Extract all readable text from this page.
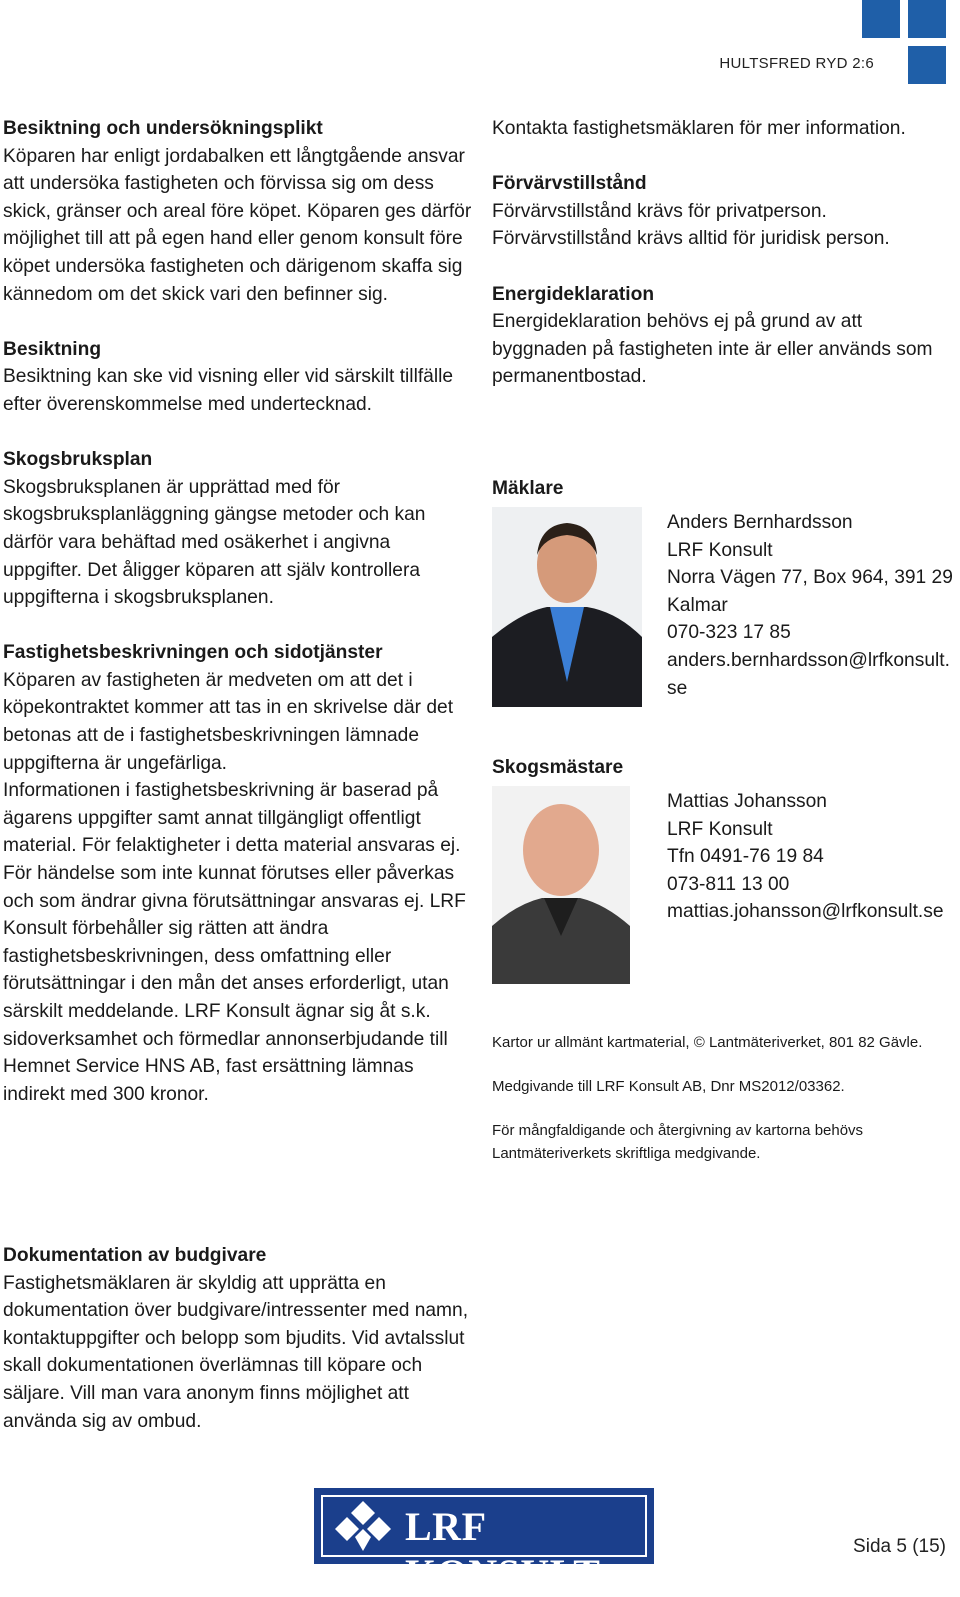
HULTSFRED RYD 2:6
Besiktning och undersökningsplikt

Köparen har enligt jordabalken ett långtgående ansvar att undersöka fastigheten och förvissa sig om dess skick, gränser och areal före köpet. Köparen ges därför möjlighet till att på egen hand eller genom konsult före köpet undersöka fastigheten och därigenom skaffa sig kännedom om det skick vari den befinner sig.

Besiktning

Besiktning kan ske vid visning eller vid särskilt tillfälle efter överenskommelse med undertecknad.

Skogsbruksplan

Skogsbruksplanen är upprättad med för skogsbruksplanläggning gängse metoder och kan därför vara behäftad med osäkerhet i angivna uppgifter. Det åligger köparen att själv kontrollera uppgifterna i skogsbruksplanen.

Fastighetsbeskrivningen och sidotjänster

Köparen av fastigheten är medveten om att det i köpekontraktet kommer att tas in en skrivelse där det betonas att de i fastighetsbeskrivningen lämnade uppgifterna är ungefärliga.

Informationen i fastighetsbeskrivning är baserad på ägarens uppgifter samt annat tillgängligt offentligt material. För felaktigheter i detta material ansvaras ej. För händelse som inte kunnat förutses eller påverkas och som ändrar givna förutsättningar ansvaras ej. LRF Konsult förbehåller sig rätten att ändra fastighetsbeskrivningen, dess omfattning eller förutsättningar i den mån det anses erforderligt, utan särskilt meddelande. LRF Konsult ägnar sig åt s.k. sidoverksamhet och förmedlar annonserbjudande till Hemnet Service HNS AB, fast ersättning lämnas indirekt med 300 kronor.

Kontakta fastighetsmäklaren för mer information.

Förvärvstillstånd

Förvärvstillstånd krävs för privatperson. Förvärvstillstånd krävs alltid för juridisk person.

Energideklaration

Energideklaration behövs ej på grund av att byggnaden på fastigheten inte är eller används som permanentbostad.

Mäklare
Anders Bernhardsson
LRF Konsult
Norra Vägen 77, Box 964, 391 29 Kalmar
070-323 17 85
anders.bernhardsson@lrfkonsult.se
Skogsmästare
Mattias Johansson
LRF Konsult
Tfn 0491-76 19 84
073-811 13 00
mattias.johansson@lrfkonsult.se

Kartor ur allmänt kartmaterial, © Lantmäteriverket, 801 82 Gävle.

Medgivande till LRF Konsult AB, Dnr MS2012/03362.

För mångfaldigande och återgivning av kartorna behövs Lantmäteriverkets skriftliga medgivande.

Dokumentation av budgivare

Fastighetsmäklaren är skyldig att upprätta en dokumentation över budgivare/intressenter med namn, kontaktuppgifter och belopp som bjudits. Vid avtalsslut skall dokumentationen överlämnas till köpare och säljare. Vill man vara anonym finns möjlighet att använda sig av ombud.

LRF KONSULT
Sida 5 (15)
